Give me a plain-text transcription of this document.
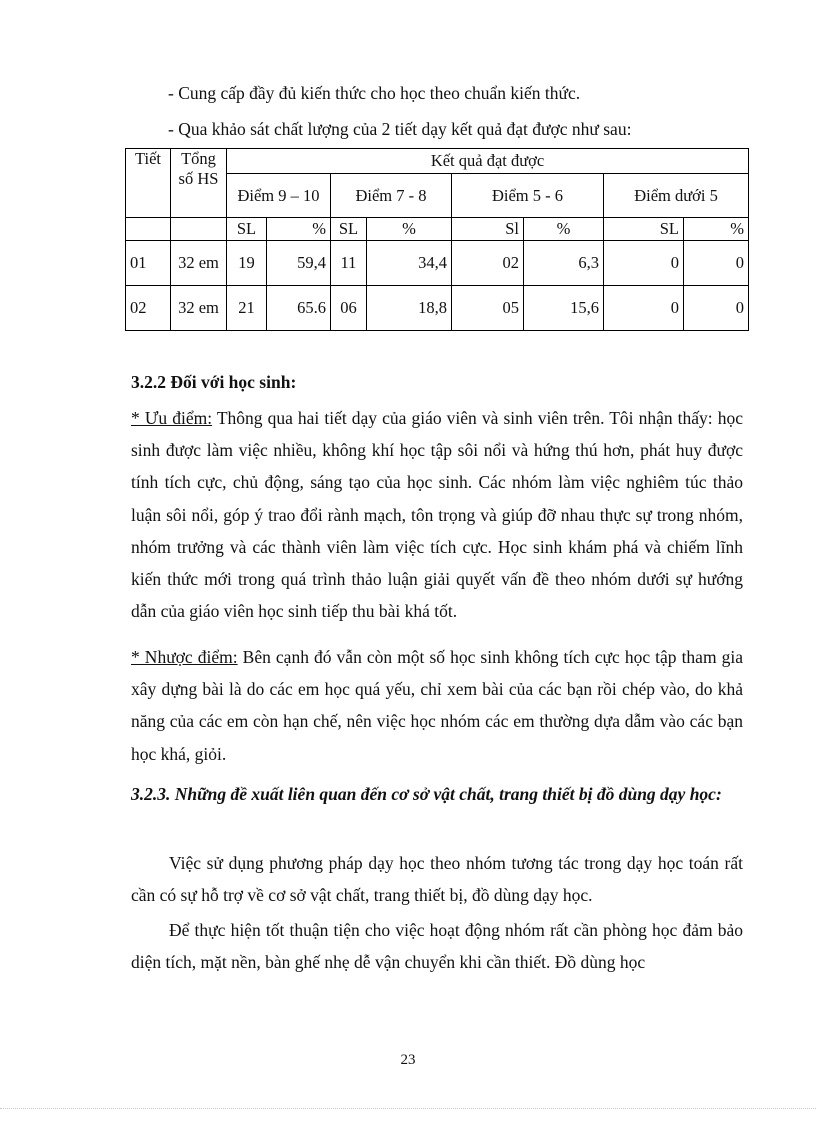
- Cung cấp đầy đủ kiến thức cho học theo chuẩn kiến thức.
- Qua khảo sát chất lượng của 2 tiết dạy kết quả đạt được như sau:
Tiết	Tổng số HS	Kết quả đạt được							
		Điểm 9 – 10		Điểm 7 - 8		Điểm 5 - 6		Điểm dưới 5	
		SL	%	SL	%	Sl	%	SL	%
01	32 em	19	59,4	11	34,4	02	6,3	0	0
02	32 em	21	65.6	06	18,8	05	15,6	0	0
3.2.2 Đối với học sinh:
* Ưu điểm: Thông qua hai tiết dạy của giáo viên và sinh viên trên. Tôi nhận thấy: học sinh được làm việc nhiều, không khí học tập sôi nổi và hứng thú hơn, phát huy được tính tích cực, chủ động, sáng tạo của học sinh. Các nhóm làm việc nghiêm túc thảo luận sôi nổi, góp ý trao đổi rành mạch, tôn trọng và giúp đỡ nhau thực sự trong nhóm, nhóm trưởng và các thành viên làm việc tích cực. Học sinh khám phá và chiếm lĩnh kiến thức mới trong quá trình thảo luận giải quyết vấn đề theo nhóm dưới sự hướng dẫn của giáo viên học sinh tiếp thu bài khá tốt.
* Nhược điểm: Bên cạnh đó vẫn còn một số học sinh không tích cực học tập tham gia xây dựng bài là do các em học quá yếu, chỉ xem bài của các bạn rồi chép vào, do khả năng của các em còn hạn chế, nên việc học nhóm các em thường dựa dẫm vào các bạn học khá, giỏi.
3.2.3. Những đề xuất liên quan đến cơ sở vật chất, trang thiết bị đồ dùng dạy học:
Việc sử dụng phương pháp dạy học theo nhóm tương tác trong dạy học toán rất cần có sự hỗ trợ về cơ sở vật chất, trang thiết bị, đồ dùng dạy học.
Để thực hiện tốt thuận tiện cho việc hoạt động nhóm rất cần phòng học đảm bảo diện tích, mặt nền, bàn ghế nhẹ dễ vận chuyển khi cần thiết. Đồ dùng học
23
